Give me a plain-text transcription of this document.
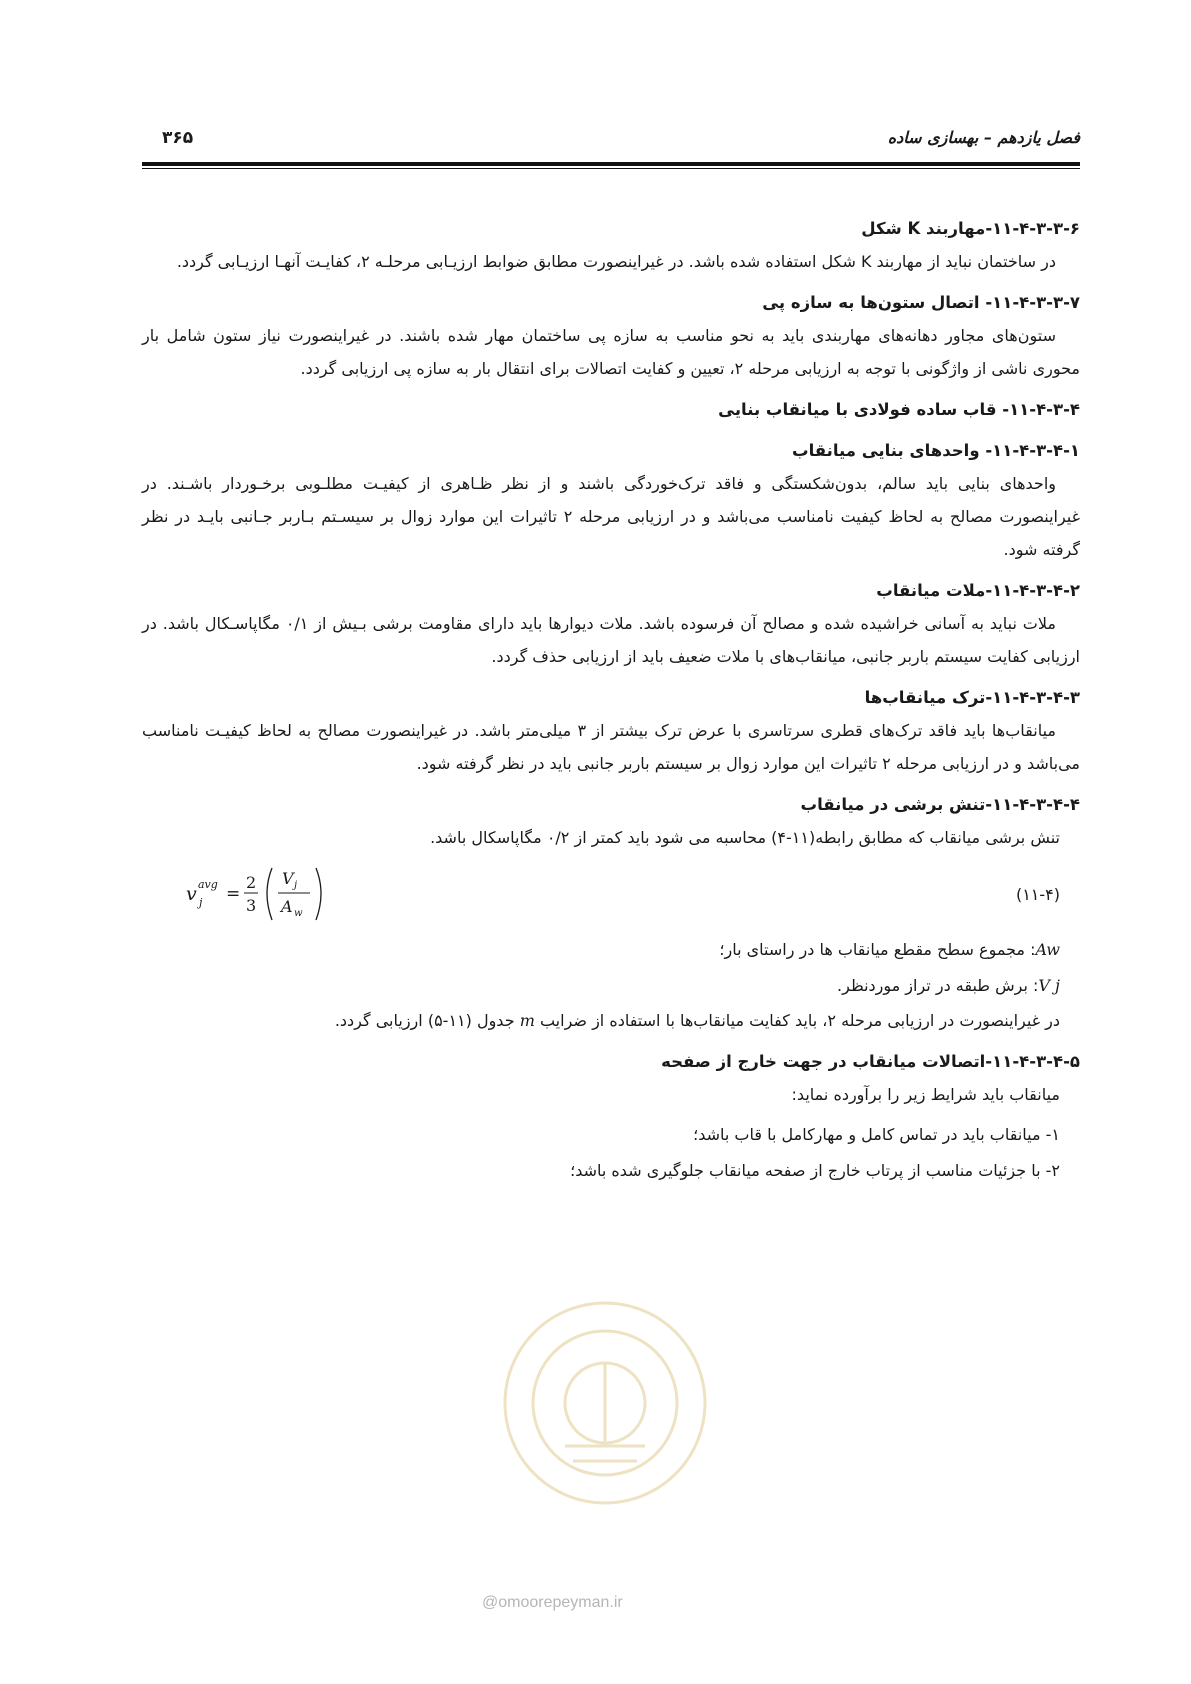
فصل یازدهم – بهسازی ساده
۳۶۵

۱۱-۴-۳-۳-۶-مهاربند K شکل

در ساختمان نباید از مهاربند K شکل استفاده شده باشد. در غیراینصورت مطابق ضوابط ارزیـابی مرحلـه ۲، کفایـت آنهـا ارزیـابی گردد.

۱۱-۴-۳-۳-۷- اتصال ستون‌ها به سازه پی

ستون‌های مجاور دهانه‌های مهاربندی باید به نحو مناسب به سازه پی ساختمان مهار شده باشند. در غیراینصورت نیاز ستون شامل بار محوری ناشی از واژگونی با توجه به ارزیابی مرحله ۲، تعیین و کفایت اتصالات برای انتقال بار به سازه پی ارزیابی گردد.

۱۱-۴-۳-۴- قاب ساده فولادی با میانقاب بنایی

۱۱-۴-۳-۴-۱- واحدهای بنایی میانقاب

واحدهای بنایی باید سالم، بدون‌شکستگی و فاقد ترک‌خوردگی باشند و از نظر ظـاهری از کیفیـت مطلـوبی برخـوردار باشـند. در غیراینصورت مصالح به لحاظ کیفیت نامناسب می‌باشد و در ارزیابی مرحله ۲ تاثیرات این موارد زوال بر سیسـتم بـاربر جـانبی بایـد در نظر گرفته شود.

۱۱-۴-۳-۴-۲-ملات میانقاب

ملات نباید به آسانی خراشیده شده و مصالح آن فرسوده باشد. ملات دیوارها باید دارای مقاومت برشی بـیش از ۰/۱ مگاپاسـکال باشد. در ارزیابی کفایت سیستم باربر جانبی، میانقاب‌های با ملات ضعیف باید از ارزیابی حذف گردد.

۱۱-۴-۳-۴-۳-ترک میانقاب‌ها

میانقاب‌ها باید فاقد ترک‌های قطری سرتاسری با عرض ترک بیشتر از ۳ میلی‌متر باشد. در غیراینصورت مصالح به لحاظ کیفیـت نامناسب می‌باشد و در ارزیابی مرحله ۲ تاثیرات این موارد زوال بر سیستم باربر جانبی باید در نظر گرفته شود.

۱۱-۴-۳-۴-۴-تنش برشی در میانقاب

تنش برشی میانقاب که مطابق رابطه(۱۱-۴) محاسبه می شود باید کمتر از ۰/۲ مگاپاسکال باشد.

(۱۱-۴)
v avg
j =
2
3
V j
A w

Aw: مجموع سطح مقطع میانقاب ها در راستای بار؛

V j: برش طبقه در تراز موردنظر.

در غیراینصورت در ارزیابی مرحله ۲، باید کفایت میانقاب‌ها با استفاده از ضرایب m جدول (۱۱-۵) ارزیابی گردد.

۱۱-۴-۳-۴-۵-اتصالات میانقاب در جهت خارج از صفحه

میانقاب باید شرایط زیر را برآورده نماید:

۱- میانقاب باید در تماس کامل و مهارکامل با قاب باشد؛

۲- با جزئیات مناسب از پرتاب خارج از صفحه میانقاب جلوگیری شده باشد؛

@omoorepeyman.ir
